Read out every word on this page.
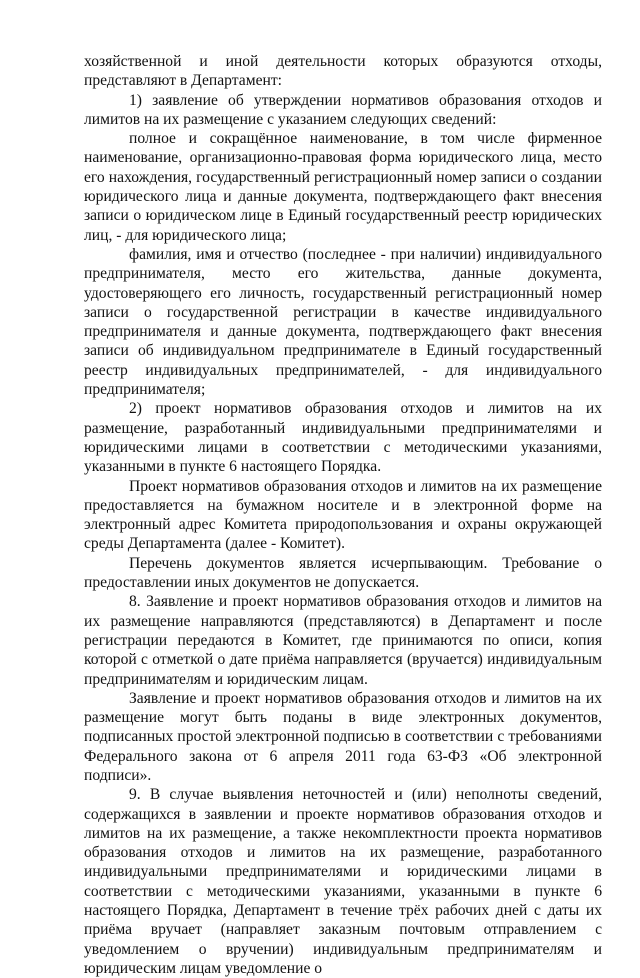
хозяйственной и иной деятельности которых образуются отходы, представляют в Департамент:

1) заявление об утверждении нормативов образования отходов и лимитов на их размещение с указанием следующих сведений:

полное и сокращённое наименование, в том числе фирменное наименование, организационно-правовая форма юридического лица, место его нахождения, государственный регистрационный номер записи о создании юридического лица и данные документа, подтверждающего факт внесения записи о юридическом лице в Единый государственный реестр юридических лиц, - для юридического лица;

фамилия, имя и отчество (последнее - при наличии) индивидуального предпринимателя, место его жительства, данные документа, удостоверяющего его личность, государственный регистрационный номер записи о государственной регистрации в качестве индивидуального предпринимателя и данные документа, подтверждающего факт внесения записи об индивидуальном предпринимателе в Единый государственный реестр индивидуальных предпринимателей, - для индивидуального предпринимателя;

2) проект нормативов образования отходов и лимитов на их размещение, разработанный индивидуальными предпринимателями и юридическими лицами в соответствии с методическими указаниями, указанными в пункте 6 настоящего Порядка.

Проект нормативов образования отходов и лимитов на их размещение предоставляется на бумажном носителе и в электронной форме на электронный адрес Комитета природопользования и охраны окружающей среды Департамента (далее - Комитет).

Перечень документов является исчерпывающим. Требование о предоставлении иных документов не допускается.

8. Заявление и проект нормативов образования отходов и лимитов на их размещение направляются (представляются) в Департамент и после регистрации передаются в Комитет, где принимаются по описи, копия которой с отметкой о дате приёма направляется (вручается) индивидуальным предпринимателям и юридическим лицам.

Заявление и проект нормативов образования отходов и лимитов на их размещение могут быть поданы в виде электронных документов, подписанных простой электронной подписью в соответствии с требованиями Федерального закона от 6 апреля 2011 года 63-ФЗ «Об электронной подписи».

9. В случае выявления неточностей и (или) неполноты сведений, содержащихся в заявлении и проекте нормативов образования отходов и лимитов на их размещение, а также некомплектности проекта нормативов образования отходов и лимитов на их размещение, разработанного индивидуальными предпринимателями и юридическими лицами в соответствии с методическими указаниями, указанными в пункте 6 настоящего Порядка, Департамент в течение трёх рабочих дней с даты их приёма вручает (направляет заказным почтовым отправлением с уведомлением о вручении) индивидуальным предпринимателям и юридическим лицам уведомление о
